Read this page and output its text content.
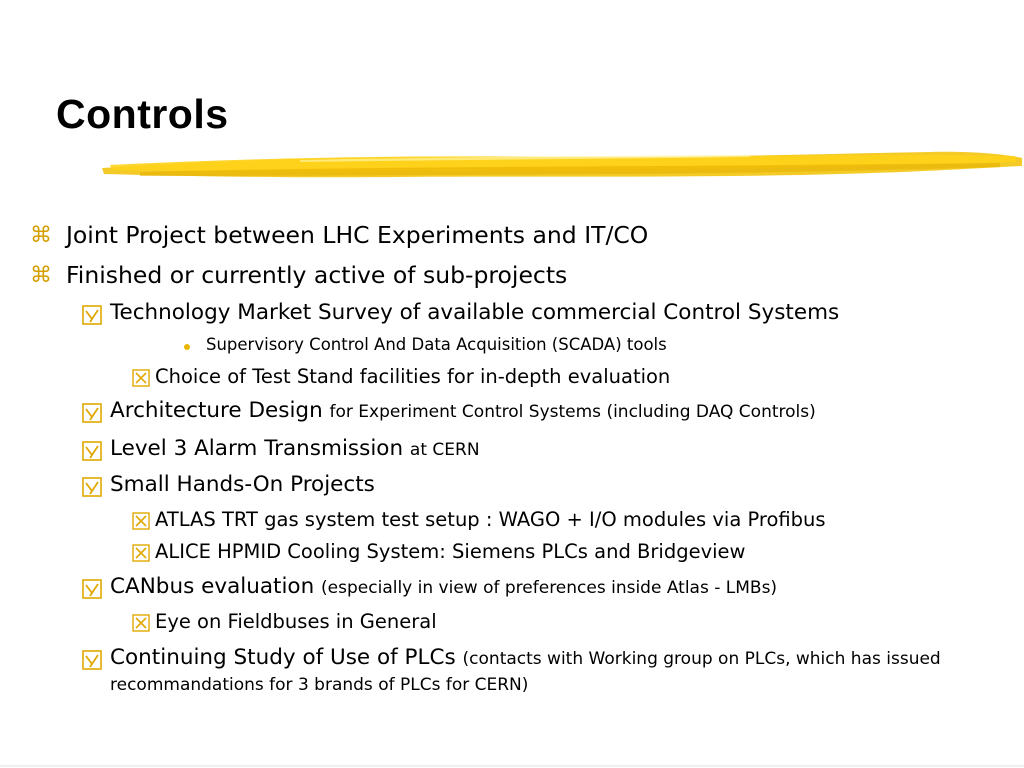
Controls
⌘ Joint Project between LHC Experiments and IT/CO
⌘ Finished or currently active of sub-projects
Technology Market Survey of available commercial Control Systems
Supervisory Control And Data Acquisition (SCADA) tools
Choice of Test Stand facilities for in-depth evaluation
Architecture Design for Experiment Control Systems (including DAQ Controls)
Level 3 Alarm Transmission at CERN
Small Hands-On Projects
ATLAS TRT gas system test setup : WAGO + I/O modules via Profibus
ALICE HPMID Cooling System: Siemens PLCs and Bridgeview
CANbus evaluation (especially in view of preferences inside Atlas - LMBs)
Eye on Fieldbuses in General
Continuing Study of Use of PLCs (contacts with Working group on PLCs, which has issued
recommandations for 3 brands of PLCs for CERN)
